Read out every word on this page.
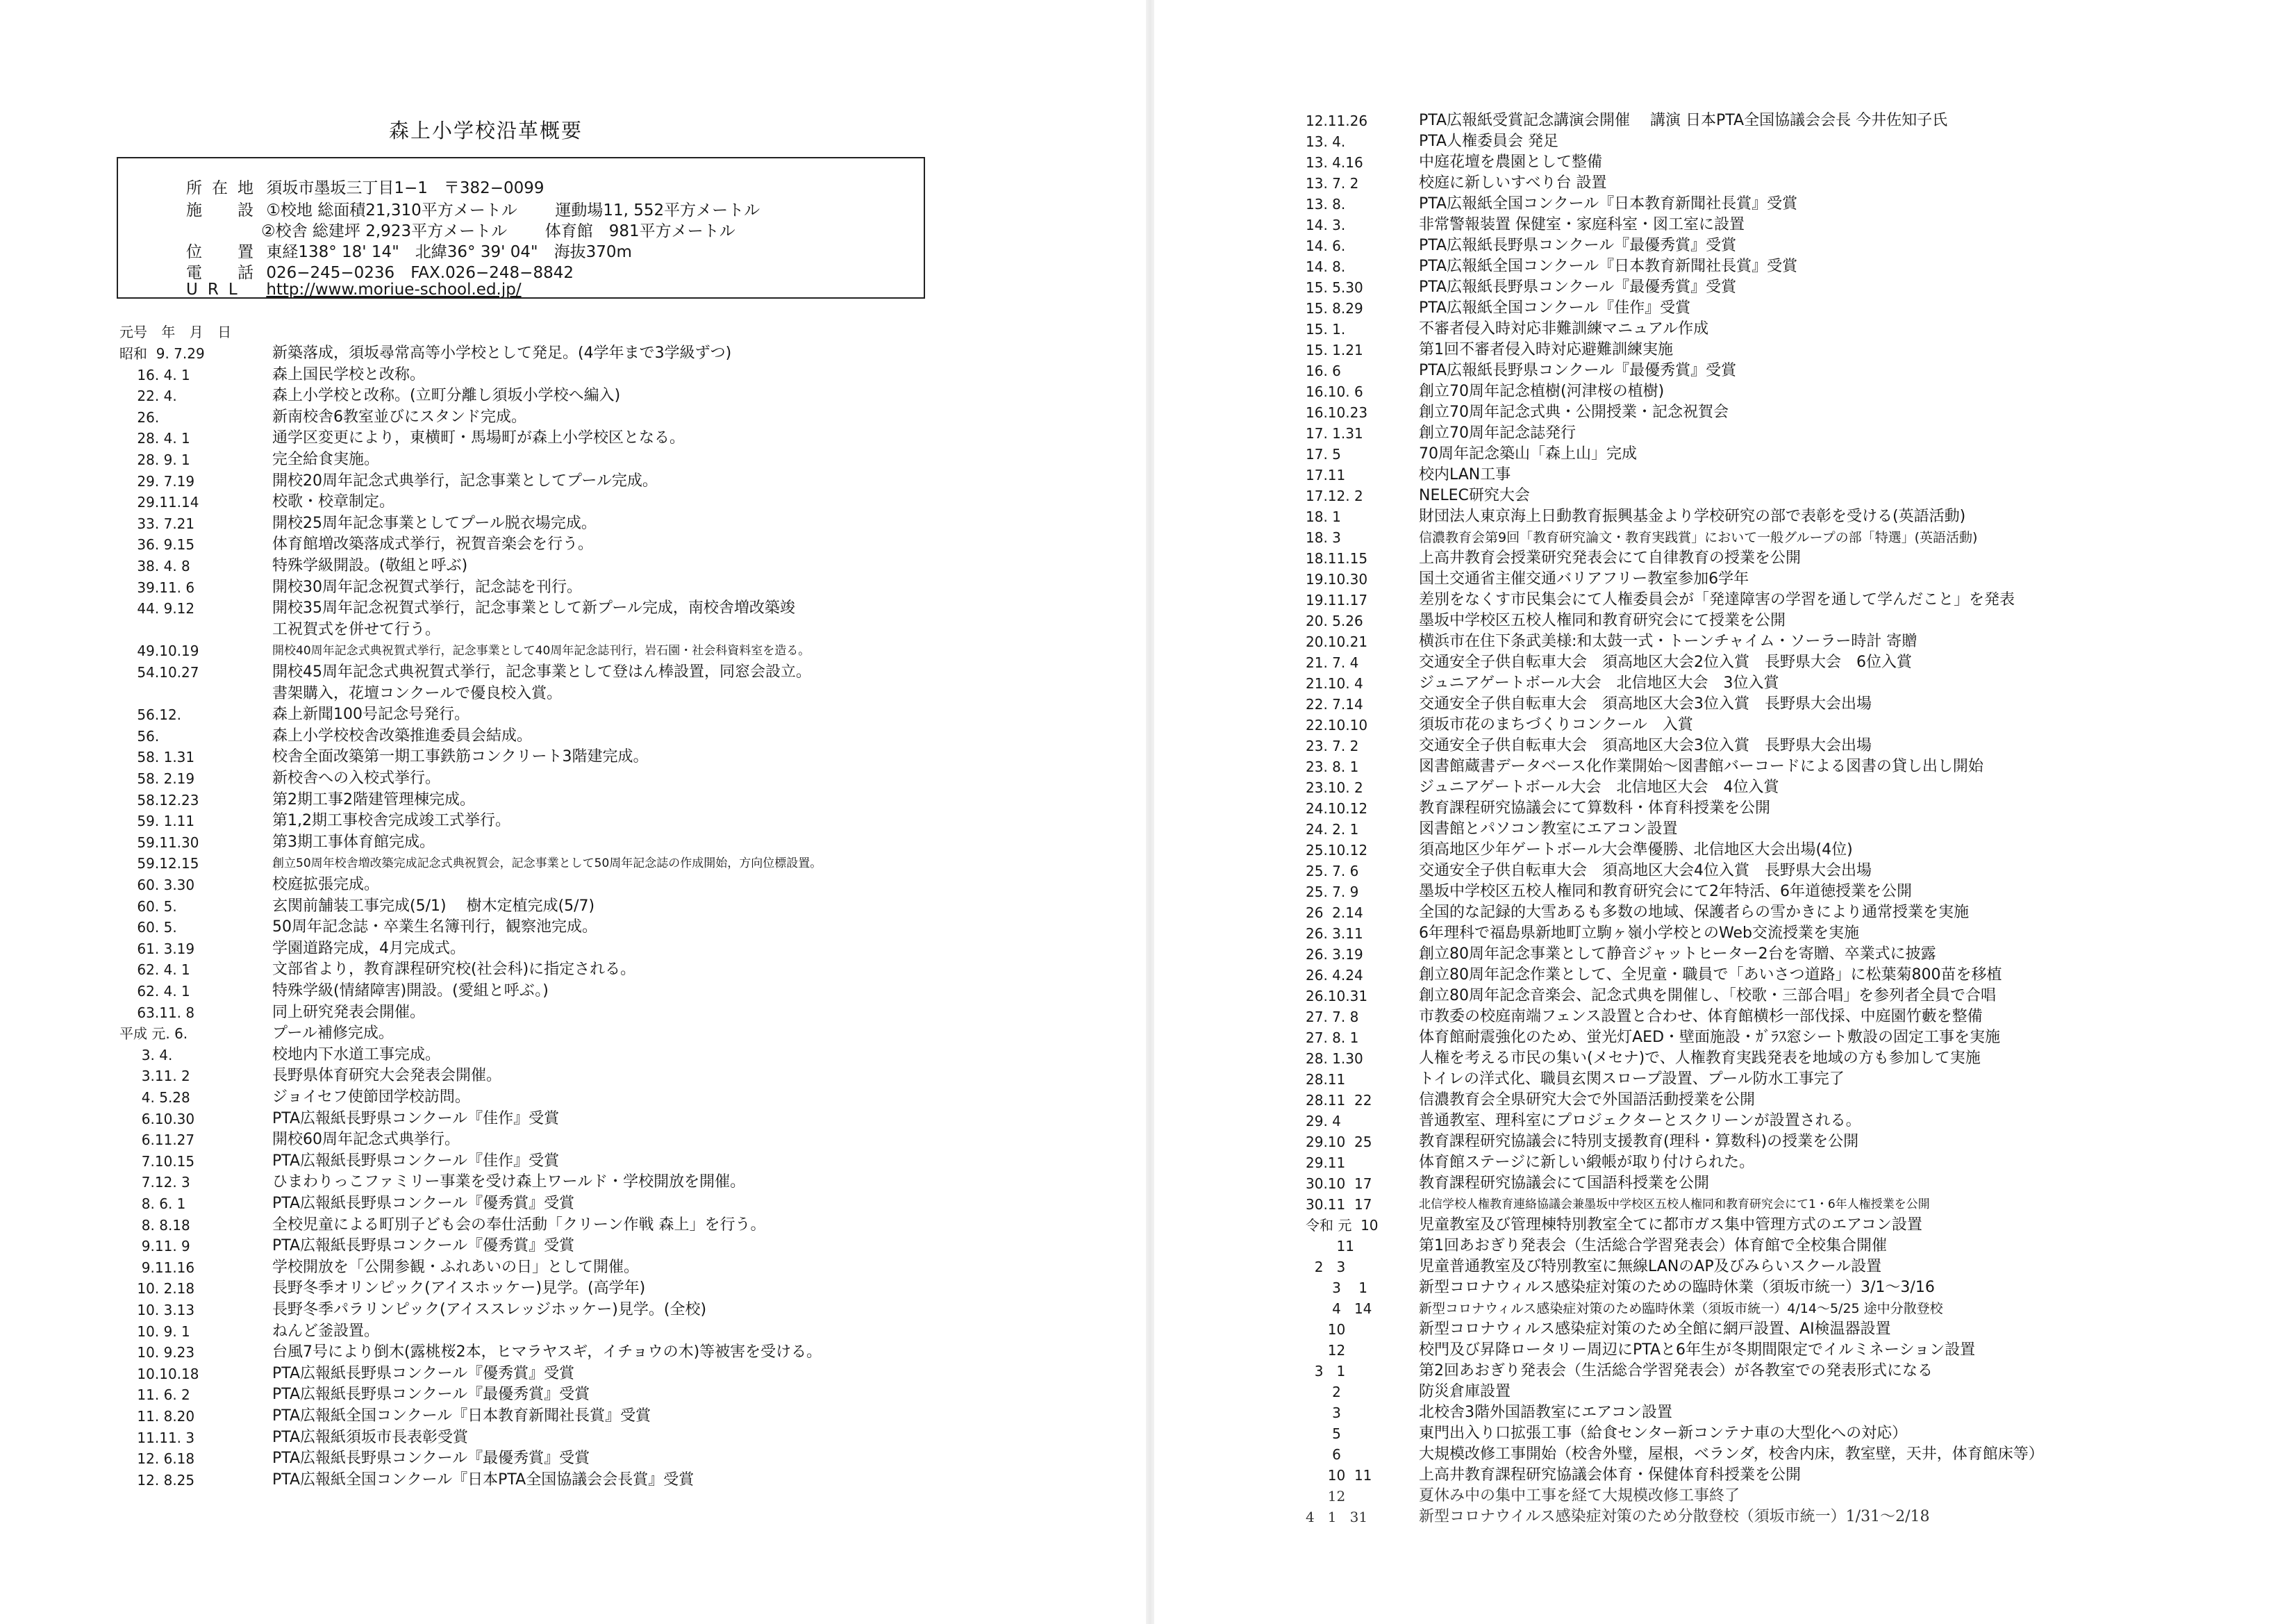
森上小学校沿革概要
所在地 須坂市墨坂三丁目1−1　〒382−0099
施　設 ①校地 総面積21,310平方メートル 運動場11, 552平方メートル
②校舎 総建坪 2,923平方メートル 体育館　981平方メートル
位　置 東経138° 18' 14"　北緯36° 39' 04"　海抜370m
電　話 026−245−0236　FAX.026−248−8842
URL http://www.moriue-school.ed.jp/
元号 年 月 日
昭和  9. 7.29	新築落成，須坂尋常高等小学校として発足。(4学年まで3学級ずつ)
16. 4. 1	森上国民学校と改称。
22. 4.	森上小学校と改称。(立町分離し須坂小学校へ編入)
26.	新南校舎6教室並びにスタンド完成。
28. 4. 1	通学区変更により，東横町・馬場町が森上小学校区となる。
28. 9. 1	完全給食実施。
29. 7.19	開校20周年記念式典挙行，記念事業としてプール完成。
29.11.14	校歌・校章制定。
33. 7.21	開校25周年記念事業としてプール脱衣場完成。
36. 9.15	体育館増改築落成式挙行，祝賀音楽会を行う。
38. 4. 8	特殊学級開設。(敬組と呼ぶ)
39.11. 6	開校30周年記念祝賀式挙行，記念誌を刊行。
44. 9.12	開校35周年記念祝賀式挙行，記念事業として新プール完成，南校舎増改築竣
工祝賀式を併せて行う。
49.10.19	開校40周年記念式典祝賀式挙行，記念事業として40周年記念誌刊行，岩石園・社会科資料室を造る。
54.10.27	開校45周年記念式典祝賀式挙行，記念事業として登はん棒設置，同窓会設立。
書架購入，花壇コンクールで優良校入賞。
56.12.	森上新聞100号記念号発行。
56.	森上小学校校舎改築推進委員会結成。
58. 1.31	校舎全面改築第一期工事鉄筋コンクリート3階建完成。
58. 2.19	新校舎への入校式挙行。
58.12.23	第2期工事2階建管理棟完成。
59. 1.11	第1,2期工事校舎完成竣工式挙行。
59.11.30	第3期工事体育館完成。
59.12.15	創立50周年校舎増改築完成記念式典祝賀会，記念事業として50周年記念誌の作成開始，方向位標設置。
60. 3.30	校庭拡張完成。
60. 5.	玄関前舗装工事完成(5/1)　 樹木定植完成(5/7)
60. 5.	50周年記念誌・卒業生名簿刊行，観察池完成。
61. 3.19	学園道路完成，4月完成式。
62. 4. 1	文部省より，教育課程研究校(社会科)に指定される。
62. 4. 1	特殊学級(情緒障害)開設。(愛組と呼ぶ。)
63.11. 8	同上研究発表会開催。
平成 元. 6.	プール補修完成。
3. 4.	校地内下水道工事完成。
3.11. 2	長野県体育研究大会発表会開催。
4. 5.28	ジョイセフ使節団学校訪問。
6.10.30	PTA広報紙長野県コンクール『佳作』受賞
6.11.27	開校60周年記念式典挙行。
7.10.15	PTA広報紙長野県コンクール『佳作』受賞
7.12. 3	ひまわりっこファミリー事業を受け森上ワールド・学校開放を開催。
8. 6. 1	PTA広報紙長野県コンクール『優秀賞』受賞
8. 8.18	全校児童による町別子ども会の奉仕活動「クリーン作戦 森上」を行う。
9.11. 9	PTA広報紙長野県コンクール『優秀賞』受賞
9.11.16	学校開放を「公開参観・ふれあいの日」として開催。
10. 2.18	長野冬季オリンピック(アイスホッケー)見学。(高学年)
10. 3.13	長野冬季パラリンピック(アイススレッジホッケー)見学。(全校)
10. 9. 1	ねんど釜設置。
10. 9.23	台風7号により倒木(露桃桜2本，ヒマラヤスギ，イチョウの木)等被害を受ける。
10.10.18	PTA広報紙長野県コンクール『優秀賞』受賞
11. 6. 2	PTA広報紙長野県コンクール『最優秀賞』受賞
11. 8.20	PTA広報紙全国コンクール『日本教育新聞社長賞』受賞
11.11. 3	PTA広報紙須坂市長表彰受賞
12. 6.18	PTA広報紙長野県コンクール『最優秀賞』受賞
12. 8.25	PTA広報紙全国コンクール『日本PTA全国協議会会長賞』受賞
12.11.26	PTA広報紙受賞記念講演会開催　 講演 日本PTA全国協議会会長 今井佐知子氏
13. 4.	PTA人権委員会 発足
13. 4.16	中庭花壇を農園として整備
13. 7. 2	校庭に新しいすべり台 設置
13. 8.	PTA広報紙全国コンクール『日本教育新聞社長賞』受賞
14. 3.	非常警報装置 保健室・家庭科室・図工室に設置
14. 6.	PTA広報紙長野県コンクール『最優秀賞』受賞
14. 8.	PTA広報紙全国コンクール『日本教育新聞社長賞』受賞
15. 5.30	PTA広報紙長野県コンクール『最優秀賞』受賞
15. 8.29	PTA広報紙全国コンクール『佳作』受賞
15. 1.	不審者侵入時対応非難訓練マニュアル作成
15. 1.21	第1回不審者侵入時対応避難訓練実施
16. 6	PTA広報紙長野県コンクール『最優秀賞』受賞
16.10. 6	創立70周年記念植樹(河津桜の植樹)
16.10.23	創立70周年記念式典・公開授業・記念祝賀会
17. 1.31	創立70周年記念誌発行
17. 5	70周年記念築山「森上山」完成
17.11	校内LAN工事
17.12. 2	NELEC研究大会
18. 1	財団法人東京海上日動教育振興基金より学校研究の部で表彰を受ける(英語活動)
18. 3	信濃教育会第9回「教育研究論文・教育実践賞」において一般グループの部「特選」(英語活動)
18.11.15	上高井教育会授業研究発表会にて自律教育の授業を公開
19.10.30	国土交通省主催交通バリアフリー教室参加6学年
19.11.17	差別をなくす市民集会にて人権委員会が「発達障害の学習を通して学んだこと」を発表
20. 5.26	墨坂中学校区五校人権同和教育研究会にて授業を公開
20.10.21	横浜市在住下条武美様:和太鼓一式・トーンチャイム・ソーラー時計 寄贈
21. 7. 4	交通安全子供自転車大会　須高地区大会2位入賞　長野県大会　6位入賞
21.10. 4	ジュニアゲートボール大会　北信地区大会　3位入賞
22. 7.14	交通安全子供自転車大会　須高地区大会3位入賞　長野県大会出場
22.10.10	須坂市花のまちづくりコンクール　入賞
23. 7. 2	交通安全子供自転車大会　須高地区大会3位入賞　長野県大会出場
23. 8. 1	図書館蔵書データベース化作業開始〜図書館バーコードによる図書の貸し出し開始
23.10. 2	ジュニアゲートボール大会　北信地区大会　4位入賞
24.10.12	教育課程研究協議会にて算数科・体育科授業を公開
24. 2. 1	図書館とパソコン教室にエアコン設置
25.10.12	須高地区少年ゲートボール大会準優勝、北信地区大会出場(4位)
25. 7. 6	交通安全子供自転車大会　須高地区大会4位入賞　長野県大会出場
25. 7. 9	墨坂中学校区五校人権同和教育研究会にて2年特活、6年道徳授業を公開
26  2.14	全国的な記録的大雪あるも多数の地域、保護者らの雪かきにより通常授業を実施
26. 3.11	6年理科で福島県新地町立駒ヶ嶺小学校とのWeb交流授業を実施
26. 3.19	創立80周年記念事業として静音ジャットヒーター2台を寄贈、卒業式に披露
26. 4.24	創立80周年記念作業として、全児童・職員で「あいさつ道路」に松葉菊800苗を移植
26.10.31	創立80周年記念音楽会、記念式典を開催し、「校歌・三部合唱」を参列者全員で合唱
27. 7. 8	市教委の校庭南端フェンス設置と合わせ、体育館横杉一部伐採、中庭園竹藪を整備
27. 8. 1	体育館耐震強化のため、蛍光灯AED・壁面施設・ｶﾞﾗｽ窓シート敷設の固定工事を実施
28. 1.30	人権を考える市民の集い(メセナ)で、人権教育実践発表を地域の方も参加して実施
28.11	トイレの洋式化、職員玄関スロープ設置、プール防水工事完了
28.11  22	信濃教育会全県研究大会で外国語活動授業を公開
29. 4	普通教室、理科室にプロジェクターとスクリーンが設置される。
29.10  25	教育課程研究協議会に特別支援教育(理科・算数科)の授業を公開
29.11	体育館ステージに新しい緞帳が取り付けられた。
30.10  17	教育課程研究協議会にて国語科授業を公開
30.11  17	北信学校人権教育連絡協議会兼墨坂中学校区五校人権同和教育研究会にて1・6年人権授業を公開
令和 元  10	児童教室及び管理棟特別教室全てに都市ガス集中管理方式のエアコン設置
11	第1回あおぎり発表会（生活総合学習発表会）体育館で全校集合開催
2   3	児童普通教室及び特別教室に無線LANのAP及びみらいスクール設置
3    1	新型コロナウィルス感染症対策のための臨時休業（須坂市統一）3/1〜3/16
4   14	新型コロナウィルス感染症対策のため臨時休業（須坂市統一）4/14〜5/25 途中分散登校
10	新型コロナウィルス感染症対策のため全館に網戸設置、AI検温器設置
12	校門及び昇降ロータリー周辺にPTAと6年生が冬期間限定でイルミネーション設置
3   1	第2回あおぎり発表会（生活総合学習発表会）が各教室での発表形式になる
2	防災倉庫設置
3	北校舎3階外国語教室にエアコン設置
5	東門出入り口拡張工事（給食センター新コンテナ車の大型化への対応）
6	大規模改修工事開始（校舎外璧，屋根，ベランダ，校舎内床，教室壁，天井，体育館床等）
10  11	上高井教育課程研究協議会体育・保健体育科授業を公開
12	夏休み中の集中工事を経て大規模改修工事終了
4   1   31	新型コロナウイルス感染症対策のため分散登校（須坂市統一）1/31〜2/18
